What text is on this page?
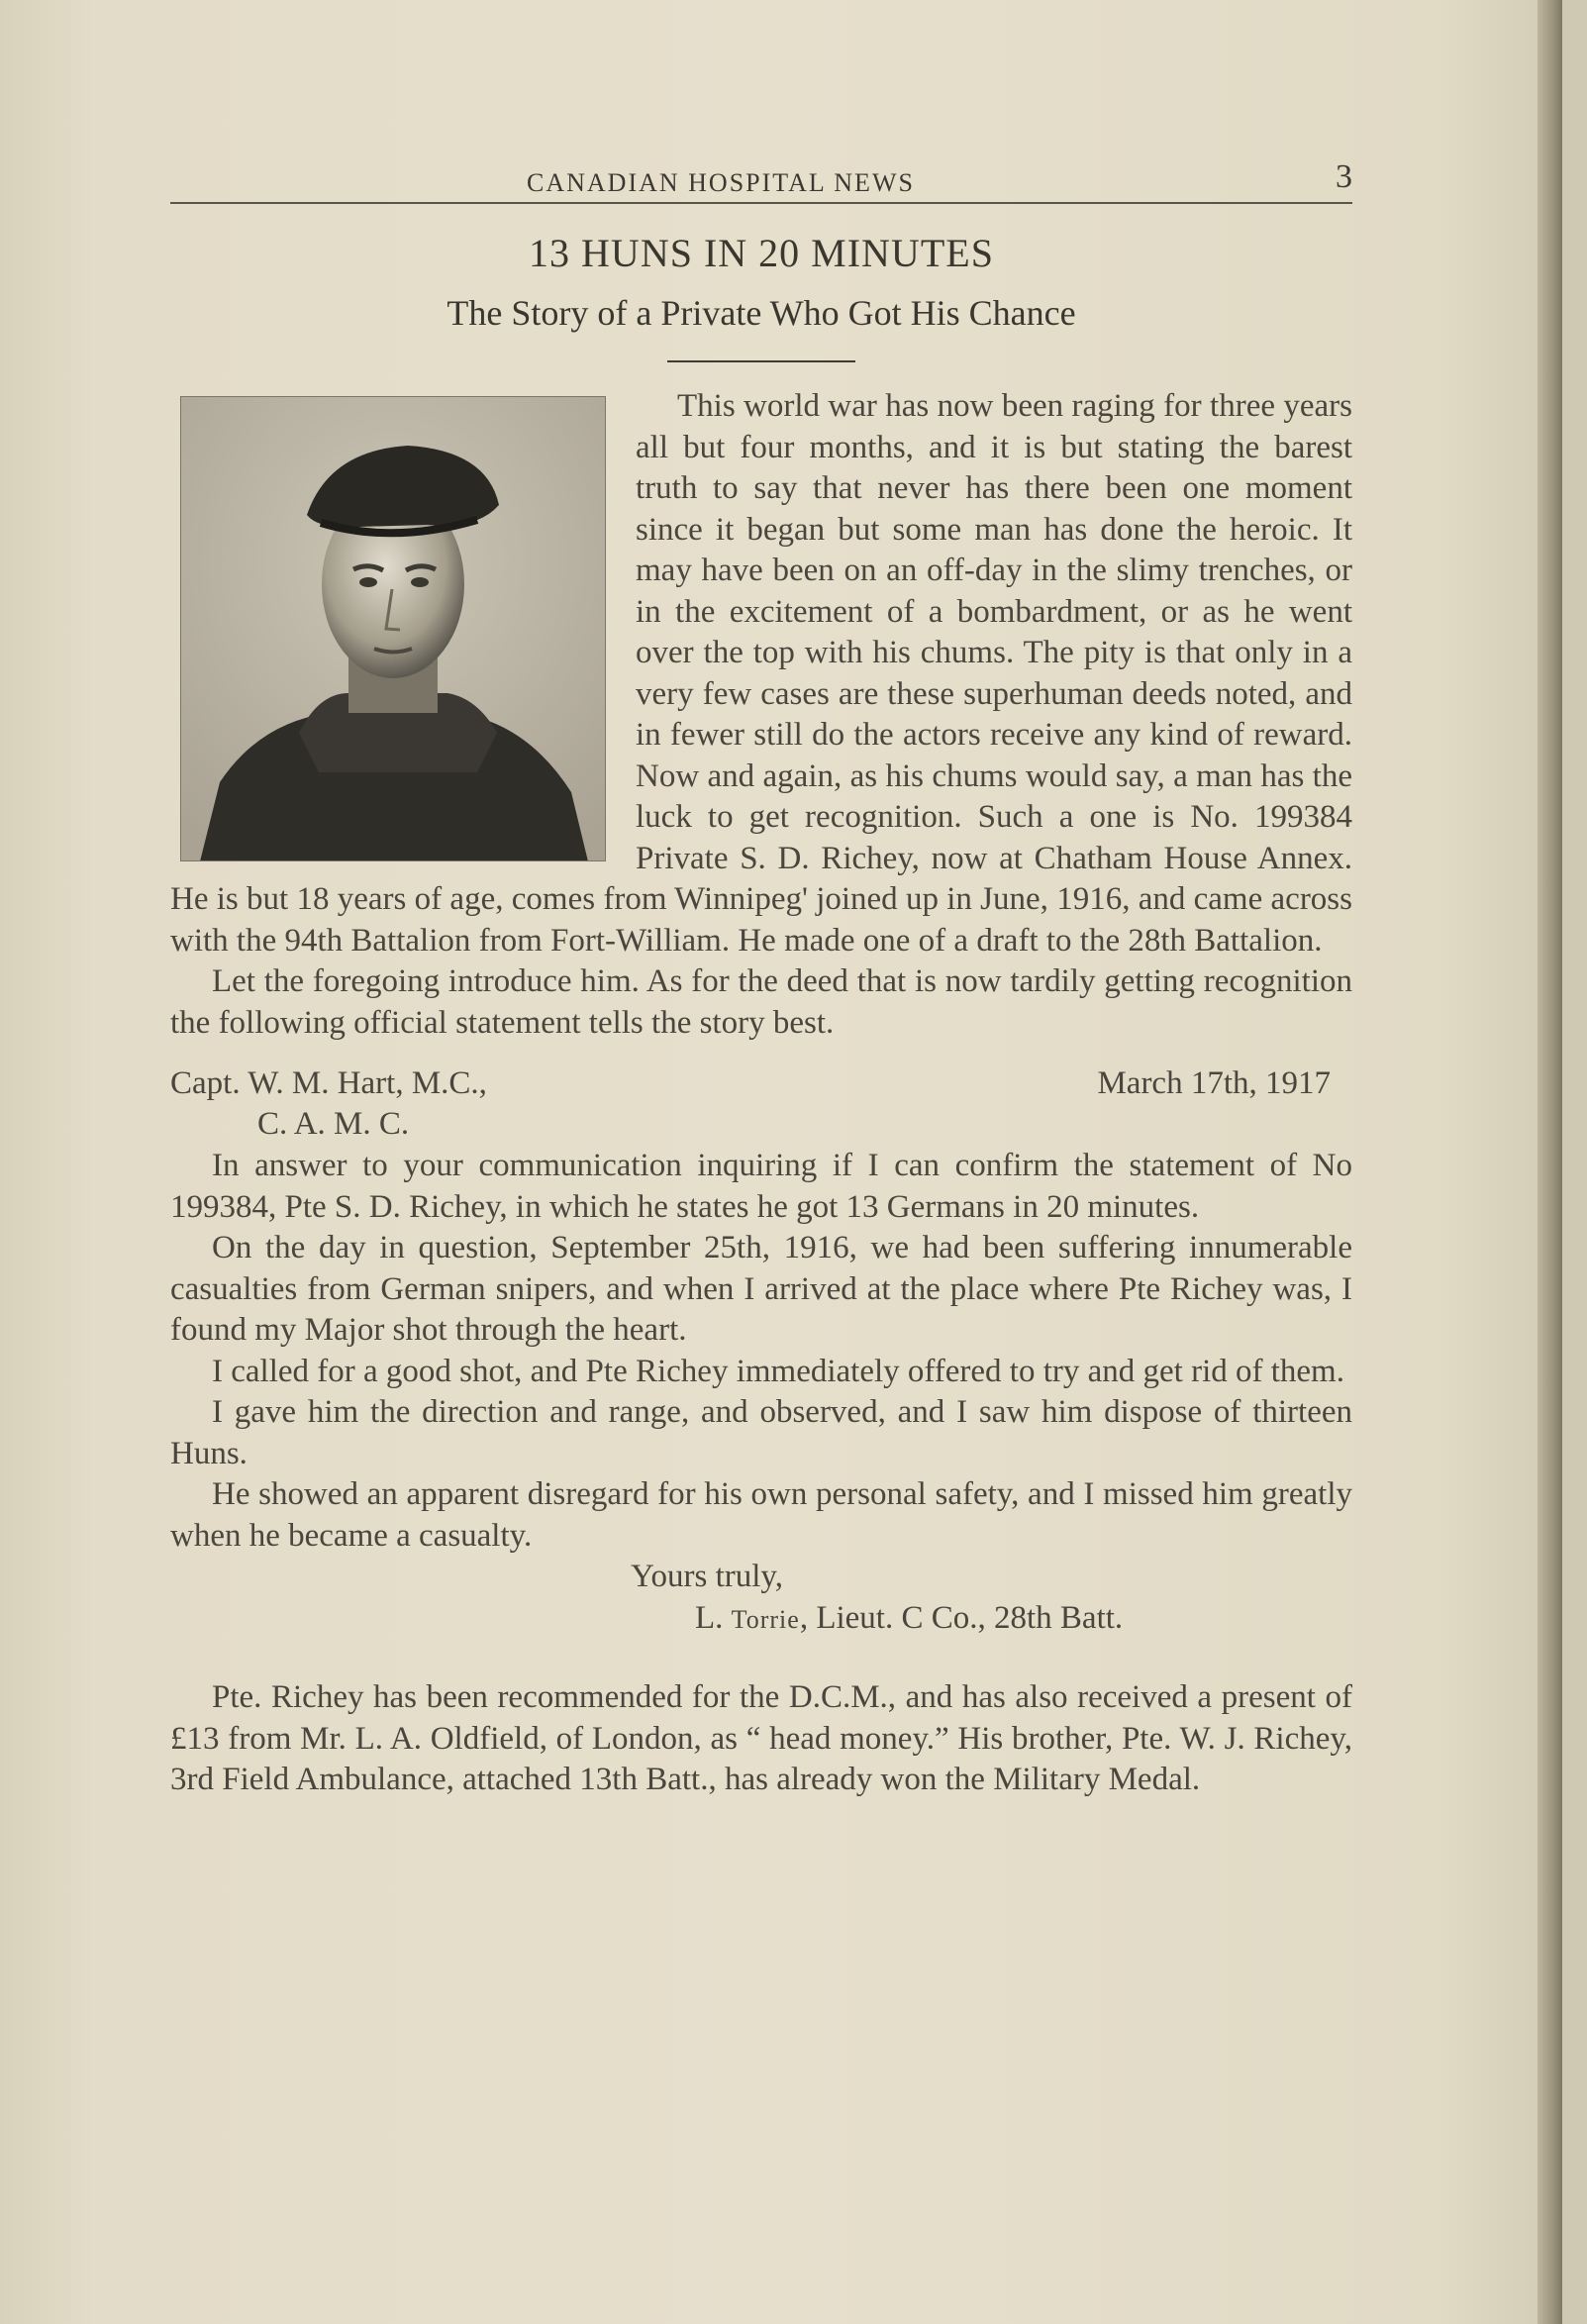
CANADIAN HOSPITAL NEWS	3
13 HUNS IN 20 MINUTES
The Story of a Private Who Got His Chance

This world war has now been raging for three years all but four months, and it is but stating the barest truth to say that never has there been one moment since it began but some man has done the heroic. It may have been on an off-day in the slimy trenches, or in the excitement of a bombardment, or as he went over the top with his chums. The pity is that only in a very few cases are these superhuman deeds noted, and in fewer still do the actors receive any kind of reward. Now and again, as his chums would say, a man has the luck to get recognition. Such a one is No. 199384 Private S. D. Richey, now at Chatham House Annex. He is but 18 years of age, comes from Winnipeg' joined up in June, 1916, and came across with the 94th Battalion from Fort-William. He made one of a draft to the 28th Battalion.

Let the foregoing introduce him. As for the deed that is now tardily getting recognition the following official statement tells the story best.

Capt. W. M. Hart, M.C.,
C. A. M. C.
March 17th, 1917

In answer to your communication inquiring if I can confirm the statement of No 199384, Pte S. D. Richey, in which he states he got 13 Germans in 20 minutes.

On the day in question, September 25th, 1916, we had been suffering innumerable casualties from German snipers, and when I arrived at the place where Pte Richey was, I found my Major shot through the heart.

I called for a good shot, and Pte Richey immediately offered to try and get rid of them.

I gave him the direction and range, and observed, and I saw him dispose of thirteen Huns.

He showed an apparent disregard for his own personal safety, and I missed him greatly when he became a casualty.

Yours truly,
L. Torrie, Lieut. C Co., 28th Batt.

Pte. Richey has been recommended for the D.C.M., and has also received a present of £13 from Mr. L. A. Oldfield, of London, as “ head money.” His brother, Pte. W. J. Richey, 3rd Field Ambulance, attached 13th Batt., has already won the Military Medal.
